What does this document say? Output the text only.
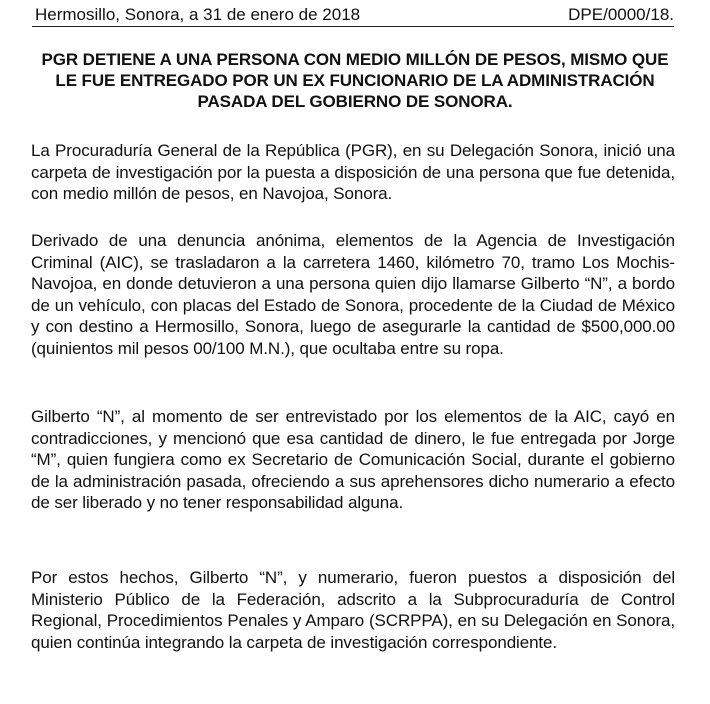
Hermosillo, Sonora, a 31 de enero de 2018	DPE/0000/18.
PGR DETIENE A UNA PERSONA CON MEDIO MILLÓN DE PESOS, MISMO QUE LE FUE ENTREGADO POR UN EX FUNCIONARIO DE LA ADMINISTRACIÓN PASADA DEL GOBIERNO DE SONORA.

La Procuraduría General de la República (PGR), en su Delegación Sonora, inició una carpeta de investigación por la puesta a disposición de una persona que fue detenida, con medio millón de pesos, en Navojoa, Sonora.

Derivado de una denuncia anónima, elementos de la Agencia de Investigación Criminal (AIC), se trasladaron a la carretera 1460, kilómetro 70, tramo Los Mochis-Navojoa, en donde detuvieron a una persona quien dijo llamarse Gilberto “N”, a bordo de un vehículo, con placas del Estado de Sonora, procedente de la Ciudad de México y con destino a Hermosillo, Sonora, luego de asegurarle la cantidad de $500,000.00 (quinientos mil pesos 00/100 M.N.), que ocultaba entre su ropa.

Gilberto “N”, al momento de ser entrevistado por los elementos de la AIC, cayó en contradicciones, y mencionó que esa cantidad de dinero, le fue entregada por Jorge “M”, quien fungiera como ex Secretario de Comunicación Social, durante el gobierno de la administración pasada, ofreciendo a sus aprehensores dicho numerario a efecto de ser liberado y no tener responsabilidad alguna.

Por estos hechos, Gilberto “N”, y numerario, fueron puestos a disposición del Ministerio Público de la Federación, adscrito a la Subprocuraduría de Control Regional, Procedimientos Penales y Amparo (SCRPPA), en su Delegación en Sonora, quien continúa integrando la carpeta de investigación correspondiente.
